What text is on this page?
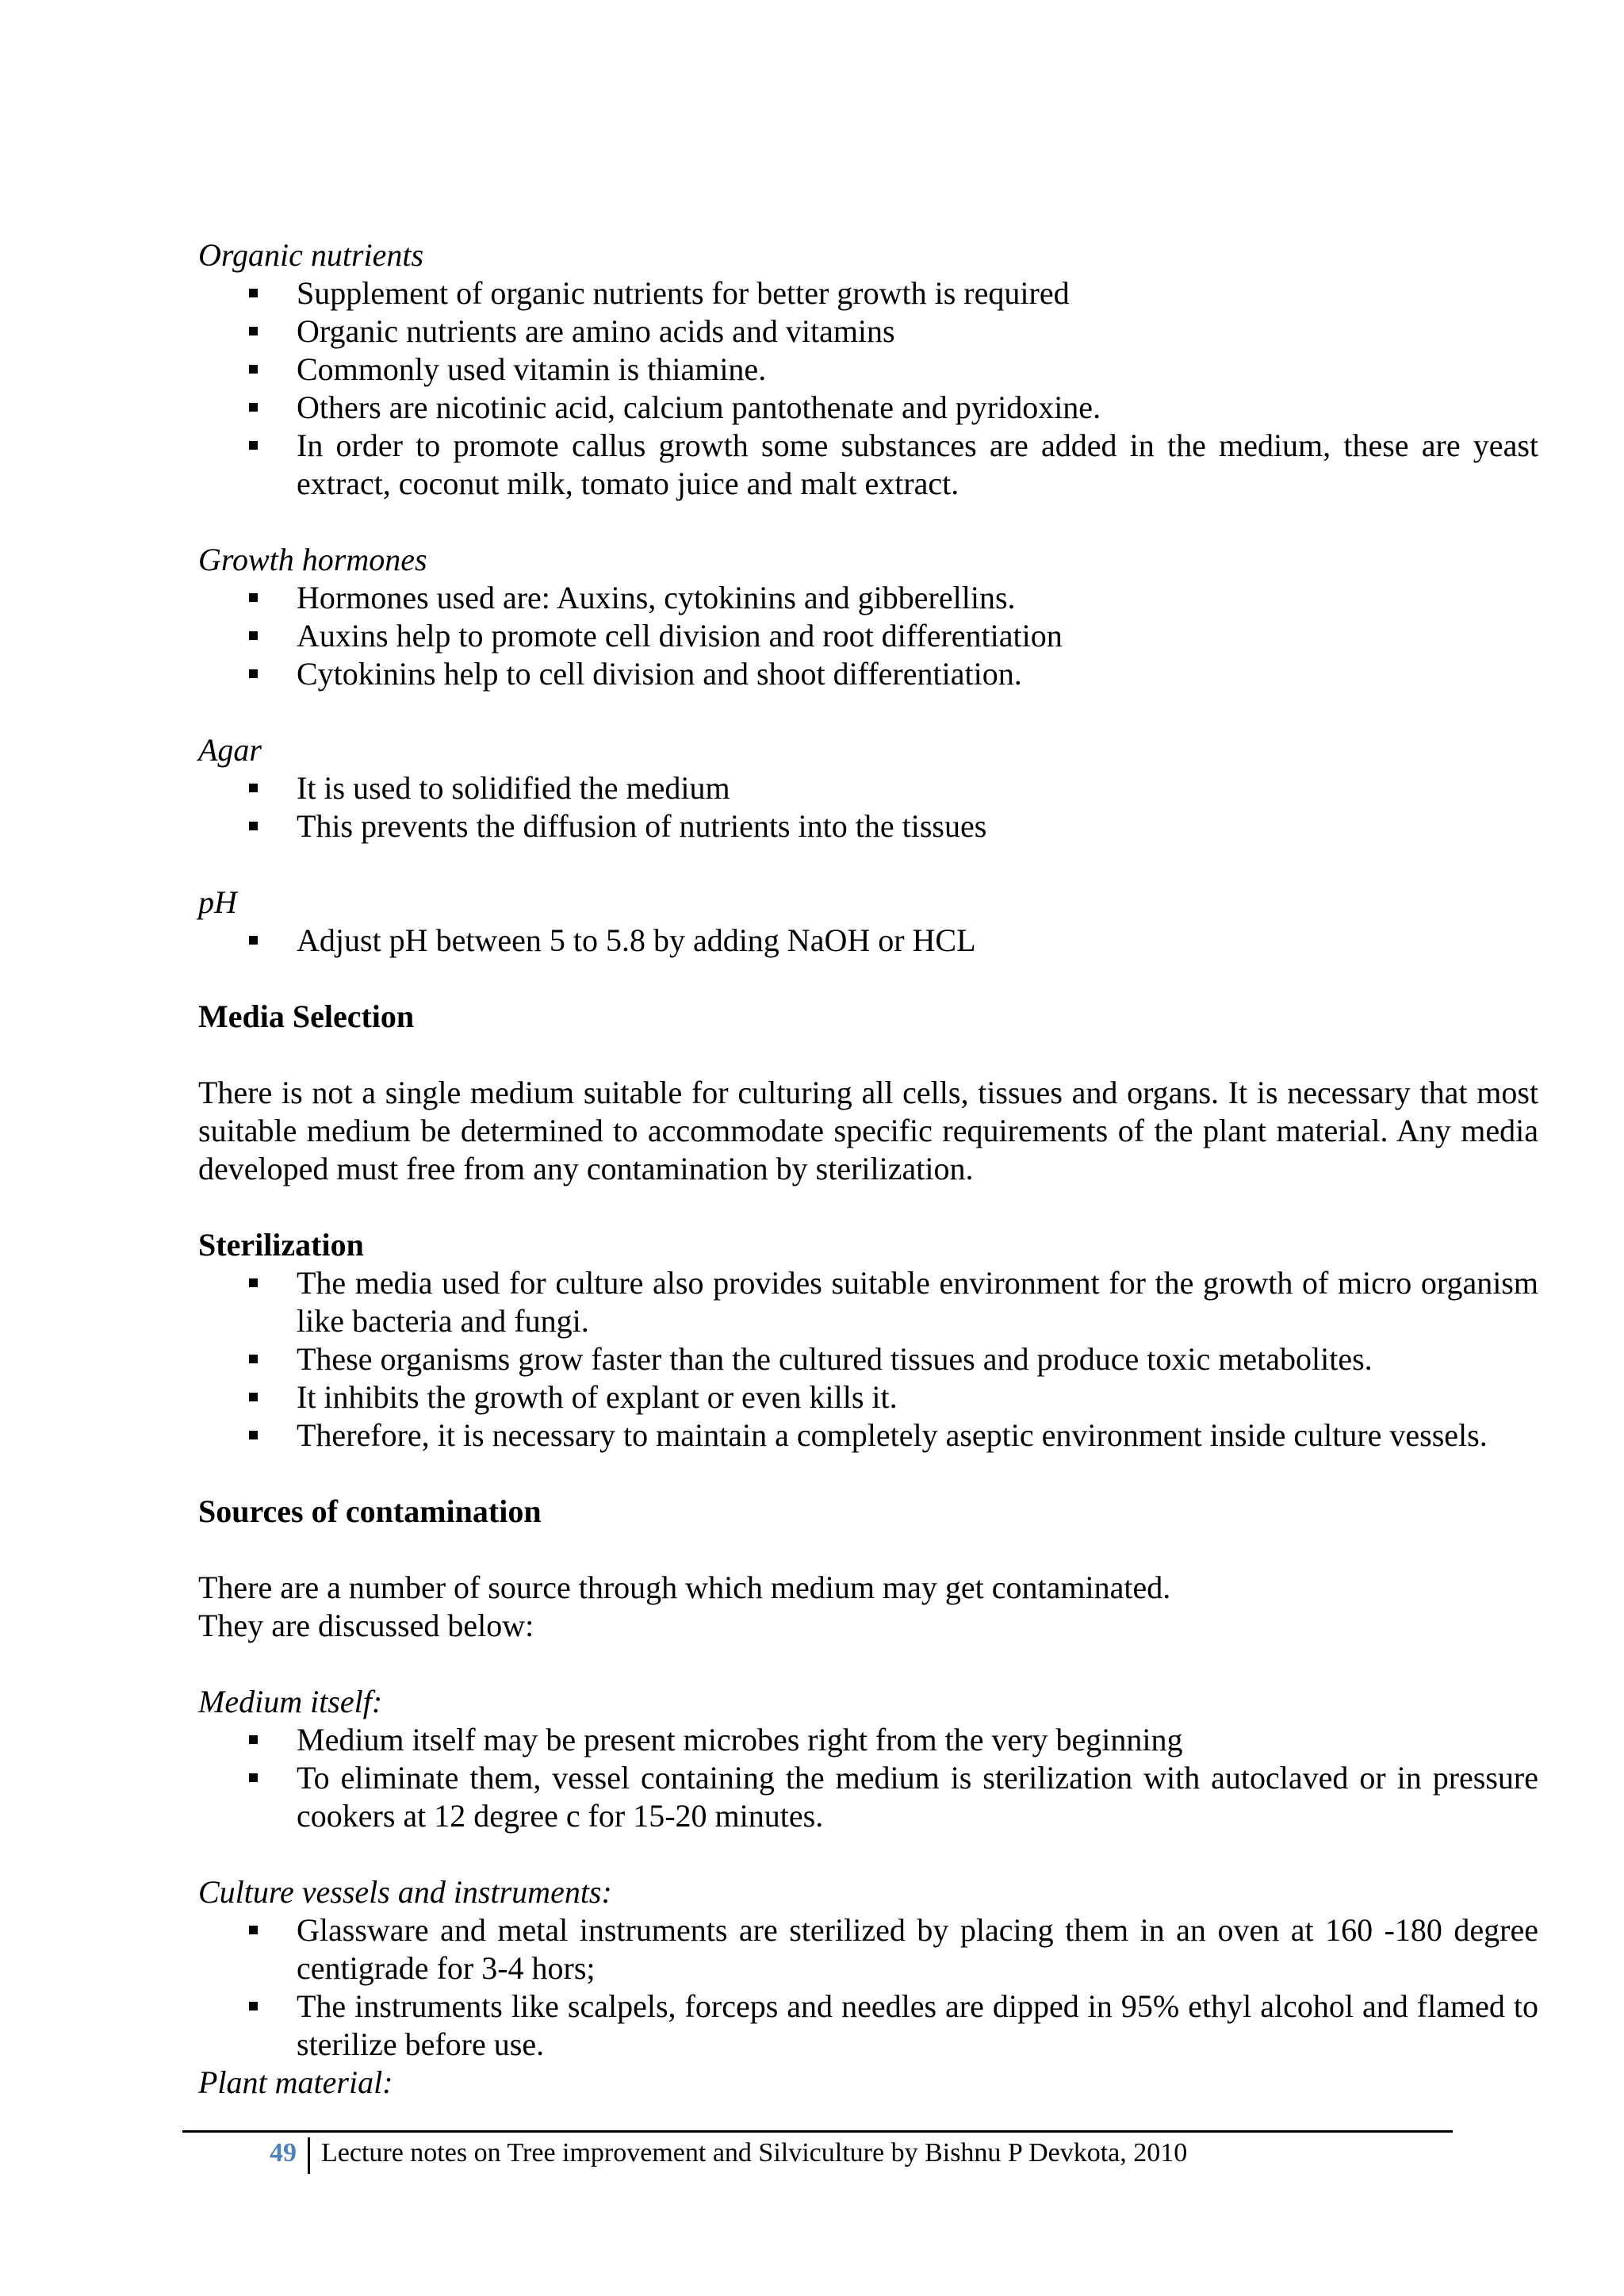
Organic nutrients

Supplement of organic nutrients for better growth is required
Organic nutrients are amino acids and vitamins
Commonly used vitamin is thiamine.
Others are nicotinic acid, calcium pantothenate and pyridoxine.
In order to promote callus growth some substances are added in the medium, these are yeast extract, coconut milk, tomato juice and malt extract.

Growth hormones

Hormones used are: Auxins, cytokinins and gibberellins.
Auxins help to promote cell division and root differentiation
Cytokinins help to cell division and shoot differentiation.

Agar

It is used to solidified the medium
This prevents the diffusion of nutrients into the tissues

pH

Adjust pH between 5 to 5.8 by adding NaOH or HCL

Media Selection

There is not a single medium suitable for culturing all cells, tissues and organs. It is necessary that most suitable medium be determined to accommodate specific requirements of the plant material. Any media developed must free from any contamination by sterilization.

Sterilization

The media used for culture also provides suitable environment for the growth of micro organism like bacteria and fungi.
These organisms grow faster than the cultured tissues and produce toxic metabolites.
It inhibits the growth of explant or even kills it.
Therefore, it is necessary to maintain a completely aseptic environment inside culture vessels.

Sources of contamination

There are a number of source through which medium may get contaminated.

They are discussed below:

Medium itself:

Medium itself may be present microbes right from the very beginning
To eliminate them, vessel containing the medium is sterilization with autoclaved or in pressure cookers at 12 degree c for 15-20 minutes.

Culture vessels and instruments:

Glassware and metal instruments are sterilized by placing them in an oven at 160 -180 degree centigrade for 3-4 hors;
The instruments like scalpels, forceps and needles are dipped in 95% ethyl alcohol and flamed to sterilize before use.

Plant material:

49 Lecture notes on Tree improvement and Silviculture by Bishnu P Devkota, 2010
